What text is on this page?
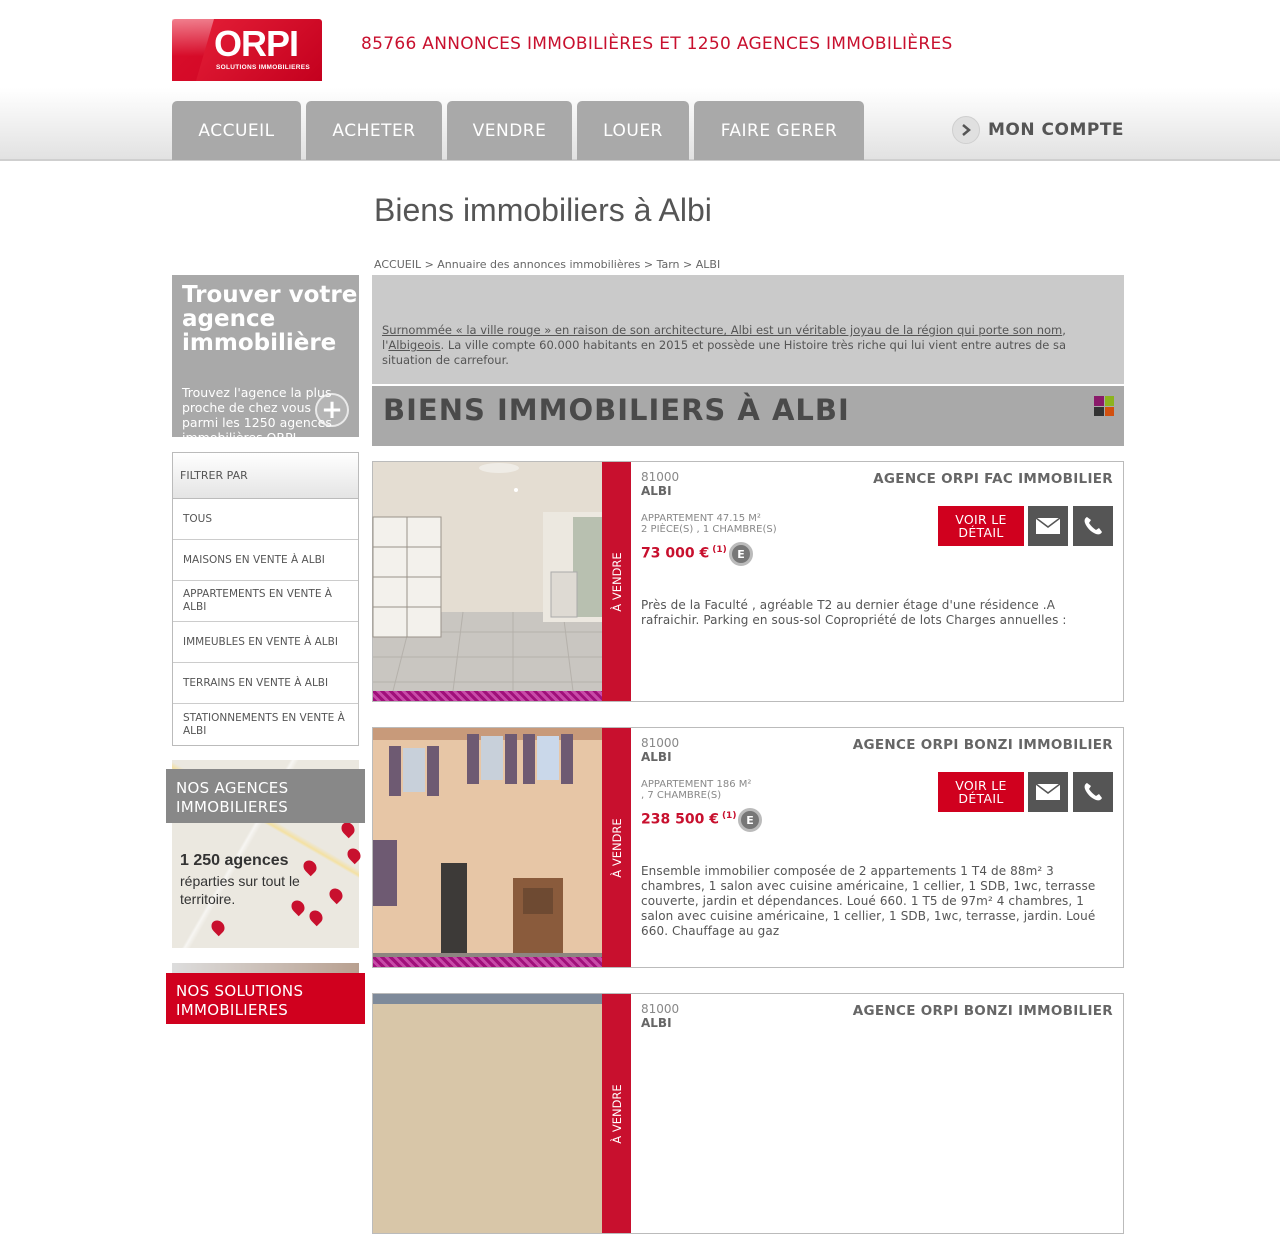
ORPI
SOLUTIONS IMMOBILIERES
85766 ANNONCES IMMOBILIÈRES ET 1250 AGENCES IMMOBILIÈRES
ACCUEIL	ACHETER	VENDRE	LOUER	FAIRE GERER	MON COMPTE
Biens immobiliers à Albi
ACCUEIL > Annuaire des annonces immobilières > Tarn > ALBI
Trouver votre agence immobilière

Trouvez l'agence la plus proche de chez vous parmi les 1250 agences immobilières ORPI

+
FILTRER PAR
TOUS
MAISONS EN VENTE À ALBI
APPARTEMENTS EN VENTE À ALBI
IMMEUBLES EN VENTE À ALBI
TERRAINS EN VENTE À ALBI
STATIONNEMENTS EN VENTE À ALBI
1 250 agences
réparties sur tout le territoire.
NOS AGENCES IMMOBILIERES
NOS SOLUTIONS IMMOBILIERES
Surnommée « la ville rouge » en raison de son architecture, Albi est un véritable joyau de la région qui porte son nom, l'Albigeois. La ville compte 60.000 habitants en 2015 et possède une Histoire très riche qui lui vient entre autres de sa situation de carrefour.
BIENS IMMOBILIERS À ALBI
À VENDRE
81000
ALBI
AGENCE ORPI FAC IMMOBILIER
APPARTEMENT 47.15 M²
2 PIÈCE(S) , 1 CHAMBRE(S)
73 000 € $^{(1)}$ E
Près de la Faculté , agréable T2 au dernier étage d'une résidence .A rafraichir. Parking en sous-sol Copropriété de lots Charges annuelles :
VOIR LE DÉTAIL
À VENDRE
81000
ALBI
AGENCE ORPI BONZI IMMOBILIER
APPARTEMENT 186 M²
, 7 CHAMBRE(S)
238 500 € $^{(1)}$ E
Ensemble immobilier composée de 2 appartements 1 T4 de 88m² 3 chambres, 1 salon avec cuisine américaine, 1 cellier, 1 SDB, 1wc, terrasse couverte, jardin et dépendances. Loué 660. 1 T5 de 97m² 4 chambres, 1 salon avec cuisine américaine, 1 cellier, 1 SDB, 1wc, terrasse, jardin. Loué 660. Chauffage au gaz
VOIR LE DÉTAIL
À VENDRE
81000
ALBI
AGENCE ORPI BONZI IMMOBILIER
